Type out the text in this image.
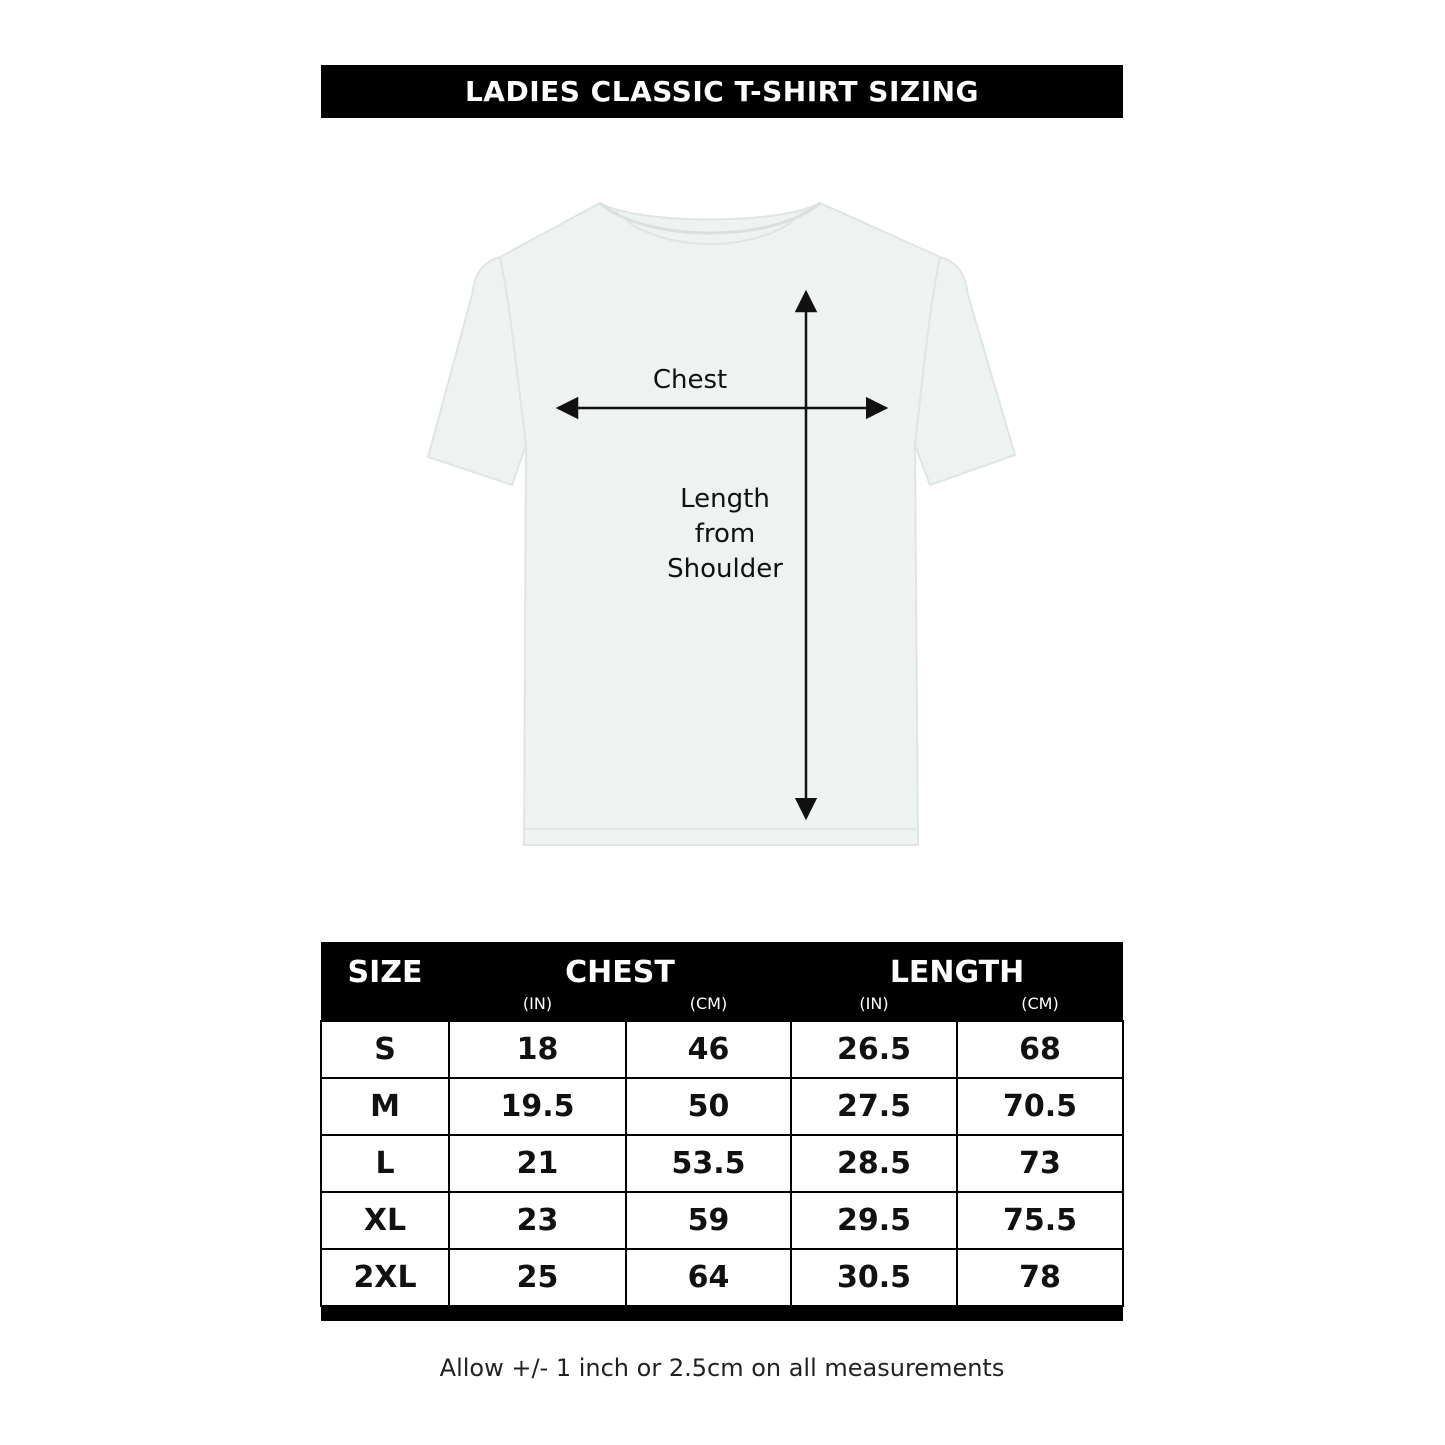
LADIES CLASSIC T-SHIRT SIZING
Chest
Length
from
Shoulder
SIZE	CHEST		LENGTH	
	(IN)	(CM)	(IN)	(CM)
S	18	46	26.5	68
M	19.5	50	27.5	70.5
L	21	53.5	28.5	73
XL	23	59	29.5	75.5
2XL	25	64	30.5	78

Allow +/- 1 inch or 2.5cm on all measurements
